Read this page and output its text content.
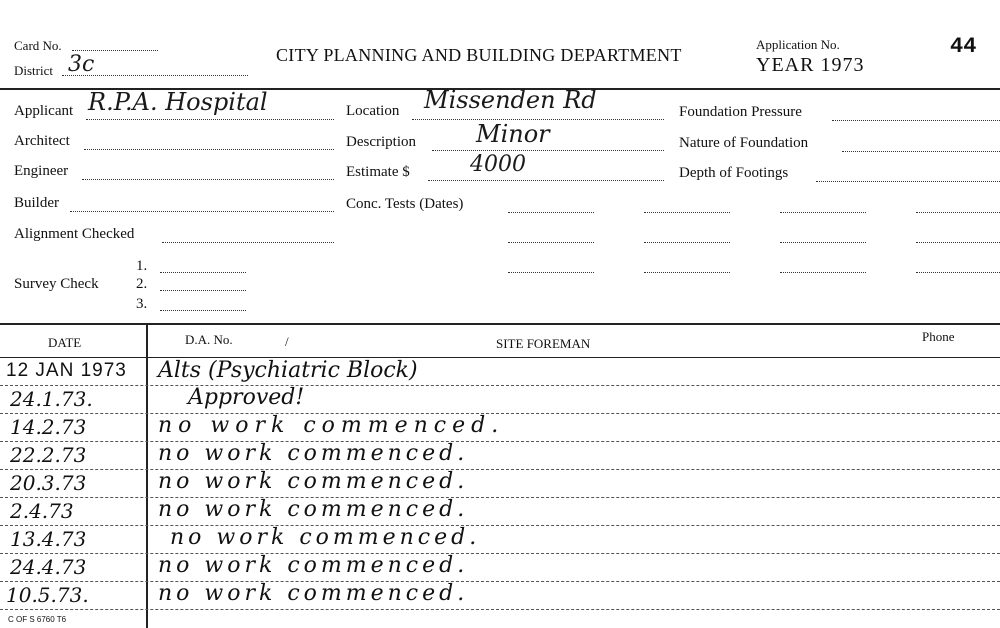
Card No.
District 3c	CITY PLANNING AND BUILDING DEPARTMENT
Application No.
YEAR 1973
44
Applicant R.P.A. Hospital
Architect
Engineer
Builder
Alignment Checked
Survey Check
1.
2.
3.
Location Missenden Rd
Description	Minor
Estimate $	4000
Conc. Tests (Dates)
Foundation Pressure
Nature of Foundation
Depth of Footings
DATE	D.A. No.	/	SITE FOREMAN	Phone
12 JAN 1973 Alts (Psychiatric Block)
24.1.73.	Approved!
14.2.73	no work commenced.
22.2.73	no work commenced.
20.3.73	no work commenced.
2.4.73	no work commenced.
13.4.73	no work commenced.
24.4.73	no work commenced.
10.5.73.	no work commenced.
C OF S 6760 T6
